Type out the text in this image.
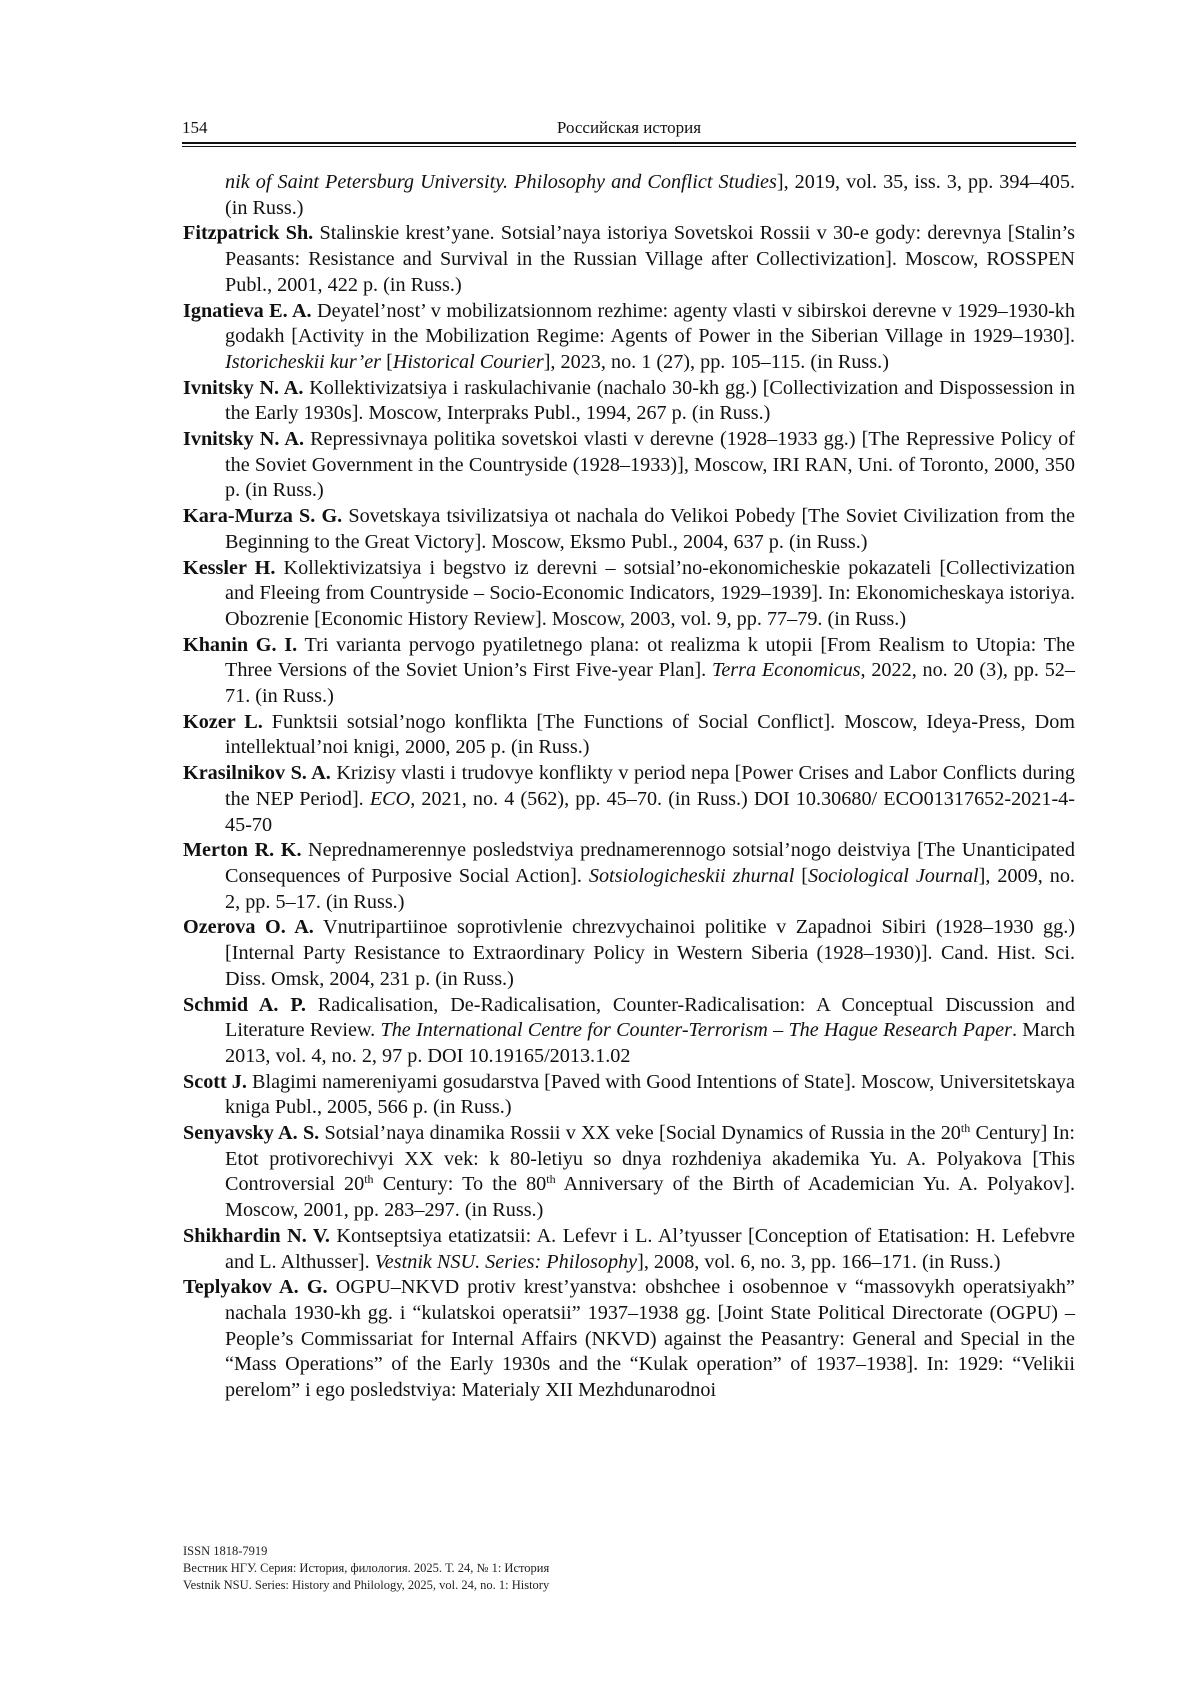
154	Российская история

nik of Saint Petersburg University. Philosophy and Conflict Studies], 2019, vol. 35, iss. 3, pp. 394–405. (in Russ.)

Fitzpatrick Sh. Stalinskie krest’yane. Sotsial’naya istoriya Sovetskoi Rossii v 30-e gody: derevnya [Stalin’s Peasants: Resistance and Survival in the Russian Village after Collectivization]. Moscow, ROSSPEN Publ., 2001, 422 p. (in Russ.)

Ignatieva E. A. Deyatel’nost’ v mobilizatsionnom rezhime: agenty vlasti v sibirskoi derevne v 1929–1930-kh godakh [Activity in the Mobilization Regime: Agents of Power in the Siberian Village in 1929–1930]. Istoricheskii kur’er [Historical Courier], 2023, no. 1 (27), pp. 105–115. (in Russ.)

Ivnitsky N. A. Kollektivizatsiya i raskulachivanie (nachalo 30-kh gg.) [Collectivization and Dispossession in the Early 1930s]. Moscow, Interpraks Publ., 1994, 267 p. (in Russ.)

Ivnitsky N. A. Repressivnaya politika sovetskoi vlasti v derevne (1928–1933 gg.) [The Repressive Policy of the Soviet Government in the Countryside (1928–1933)], Moscow, IRI RAN, Uni. of Toronto, 2000, 350 p. (in Russ.)

Kara-Murza S. G. Sovetskaya tsivilizatsiya ot nachala do Velikoi Pobedy [The Soviet Civilization from the Beginning to the Great Victory]. Moscow, Eksmo Publ., 2004, 637 p. (in Russ.)

Kessler H. Kollektivizatsiya i begstvo iz derevni – sotsial’no-ekonomicheskie pokazateli [Collectivization and Fleeing from Countryside – Socio-Economic Indicators, 1929–1939]. In: Ekonomicheskaya istoriya. Obozrenie [Economic History Review]. Moscow, 2003, vol. 9, pp. 77–79. (in Russ.)

Khanin G. I. Tri varianta pervogo pyatiletnego plana: ot realizma k utopii [From Realism to Utopia: The Three Versions of the Soviet Union’s First Five-year Plan]. Terra Economicus, 2022, no. 20 (3), pp. 52–71. (in Russ.)

Kozer L. Funktsii sotsial’nogo konflikta [The Functions of Social Conflict]. Moscow, Ideya-Press, Dom intellektual’noi knigi, 2000, 205 p. (in Russ.)

Krasilnikov S. A. Krizisy vlasti i trudovye konflikty v period nepa [Power Crises and Labor Conflicts during the NEP Period]. ECO, 2021, no. 4 (562), pp. 45–70. (in Russ.) DOI 10.30680/ ECO01317652-2021-4-45-70

Merton R. K. Neprednamerennye posledstviya prednamerennogo sotsial’nogo deistviya [The Unanticipated Consequences of Purposive Social Action]. Sotsiologicheskii zhurnal [Sociological Journal], 2009, no. 2, pp. 5–17. (in Russ.)

Ozerova O. A. Vnutripartiinoe soprotivlenie chrezvychainoi politike v Zapadnoi Sibiri (1928–1930 gg.) [Internal Party Resistance to Extraordinary Policy in Western Siberia (1928–1930)]. Cand. Hist. Sci. Diss. Omsk, 2004, 231 p. (in Russ.)

Schmid A. P. Radicalisation, De-Radicalisation, Counter-Radicalisation: A Conceptual Discussion and Literature Review. The International Centre for Counter-Terrorism – The Hague Research Paper. March 2013, vol. 4, no. 2, 97 p. DOI 10.19165/2013.1.02

Scott J. Blagimi namereniyami gosudarstva [Paved with Good Intentions of State]. Moscow, Universitetskaya kniga Publ., 2005, 566 p. (in Russ.)

Senyavsky A. S. Sotsial’naya dinamika Rossii v XX veke [Social Dynamics of Russia in the 20th Century] In: Etot protivorechivyi XX vek: k 80-letiyu so dnya rozhdeniya akademika Yu. A. Polyakova [This Controversial 20th Century: To the 80th Anniversary of the Birth of Academician Yu. A. Polyakov]. Moscow, 2001, pp. 283–297. (in Russ.)

Shikhardin N. V. Kontseptsiya etatizatsii: A. Lefevr i L. Al’tyusser [Conception of Etatisation: H. Lefebvre and L. Althusser]. Vestnik NSU. Series: Philosophy], 2008, vol. 6, no. 3, pp. 166–171. (in Russ.)

Teplyakov A. G. OGPU–NKVD protiv krest’yanstva: obshchee i osobennoe v “massovykh operatsiyakh” nachala 1930-kh gg. i “kulatskoi operatsii” 1937–1938 gg. [Joint State Political Directorate (OGPU) – People’s Commissariat for Internal Affairs (NKVD) against the Peasantry: General and Special in the “Mass Operations” of the Early 1930s and the “Kulak operation” of 1937–1938]. In: 1929: “Velikii perelom” i ego posledstviya: Materialy XII Mezhdunarodnoi

ISSN 1818-7919
Вестник НГУ. Серия: История, филология. 2025. Т. 24, № 1: История
Vestnik NSU. Series: History and Philology, 2025, vol. 24, no. 1: History
